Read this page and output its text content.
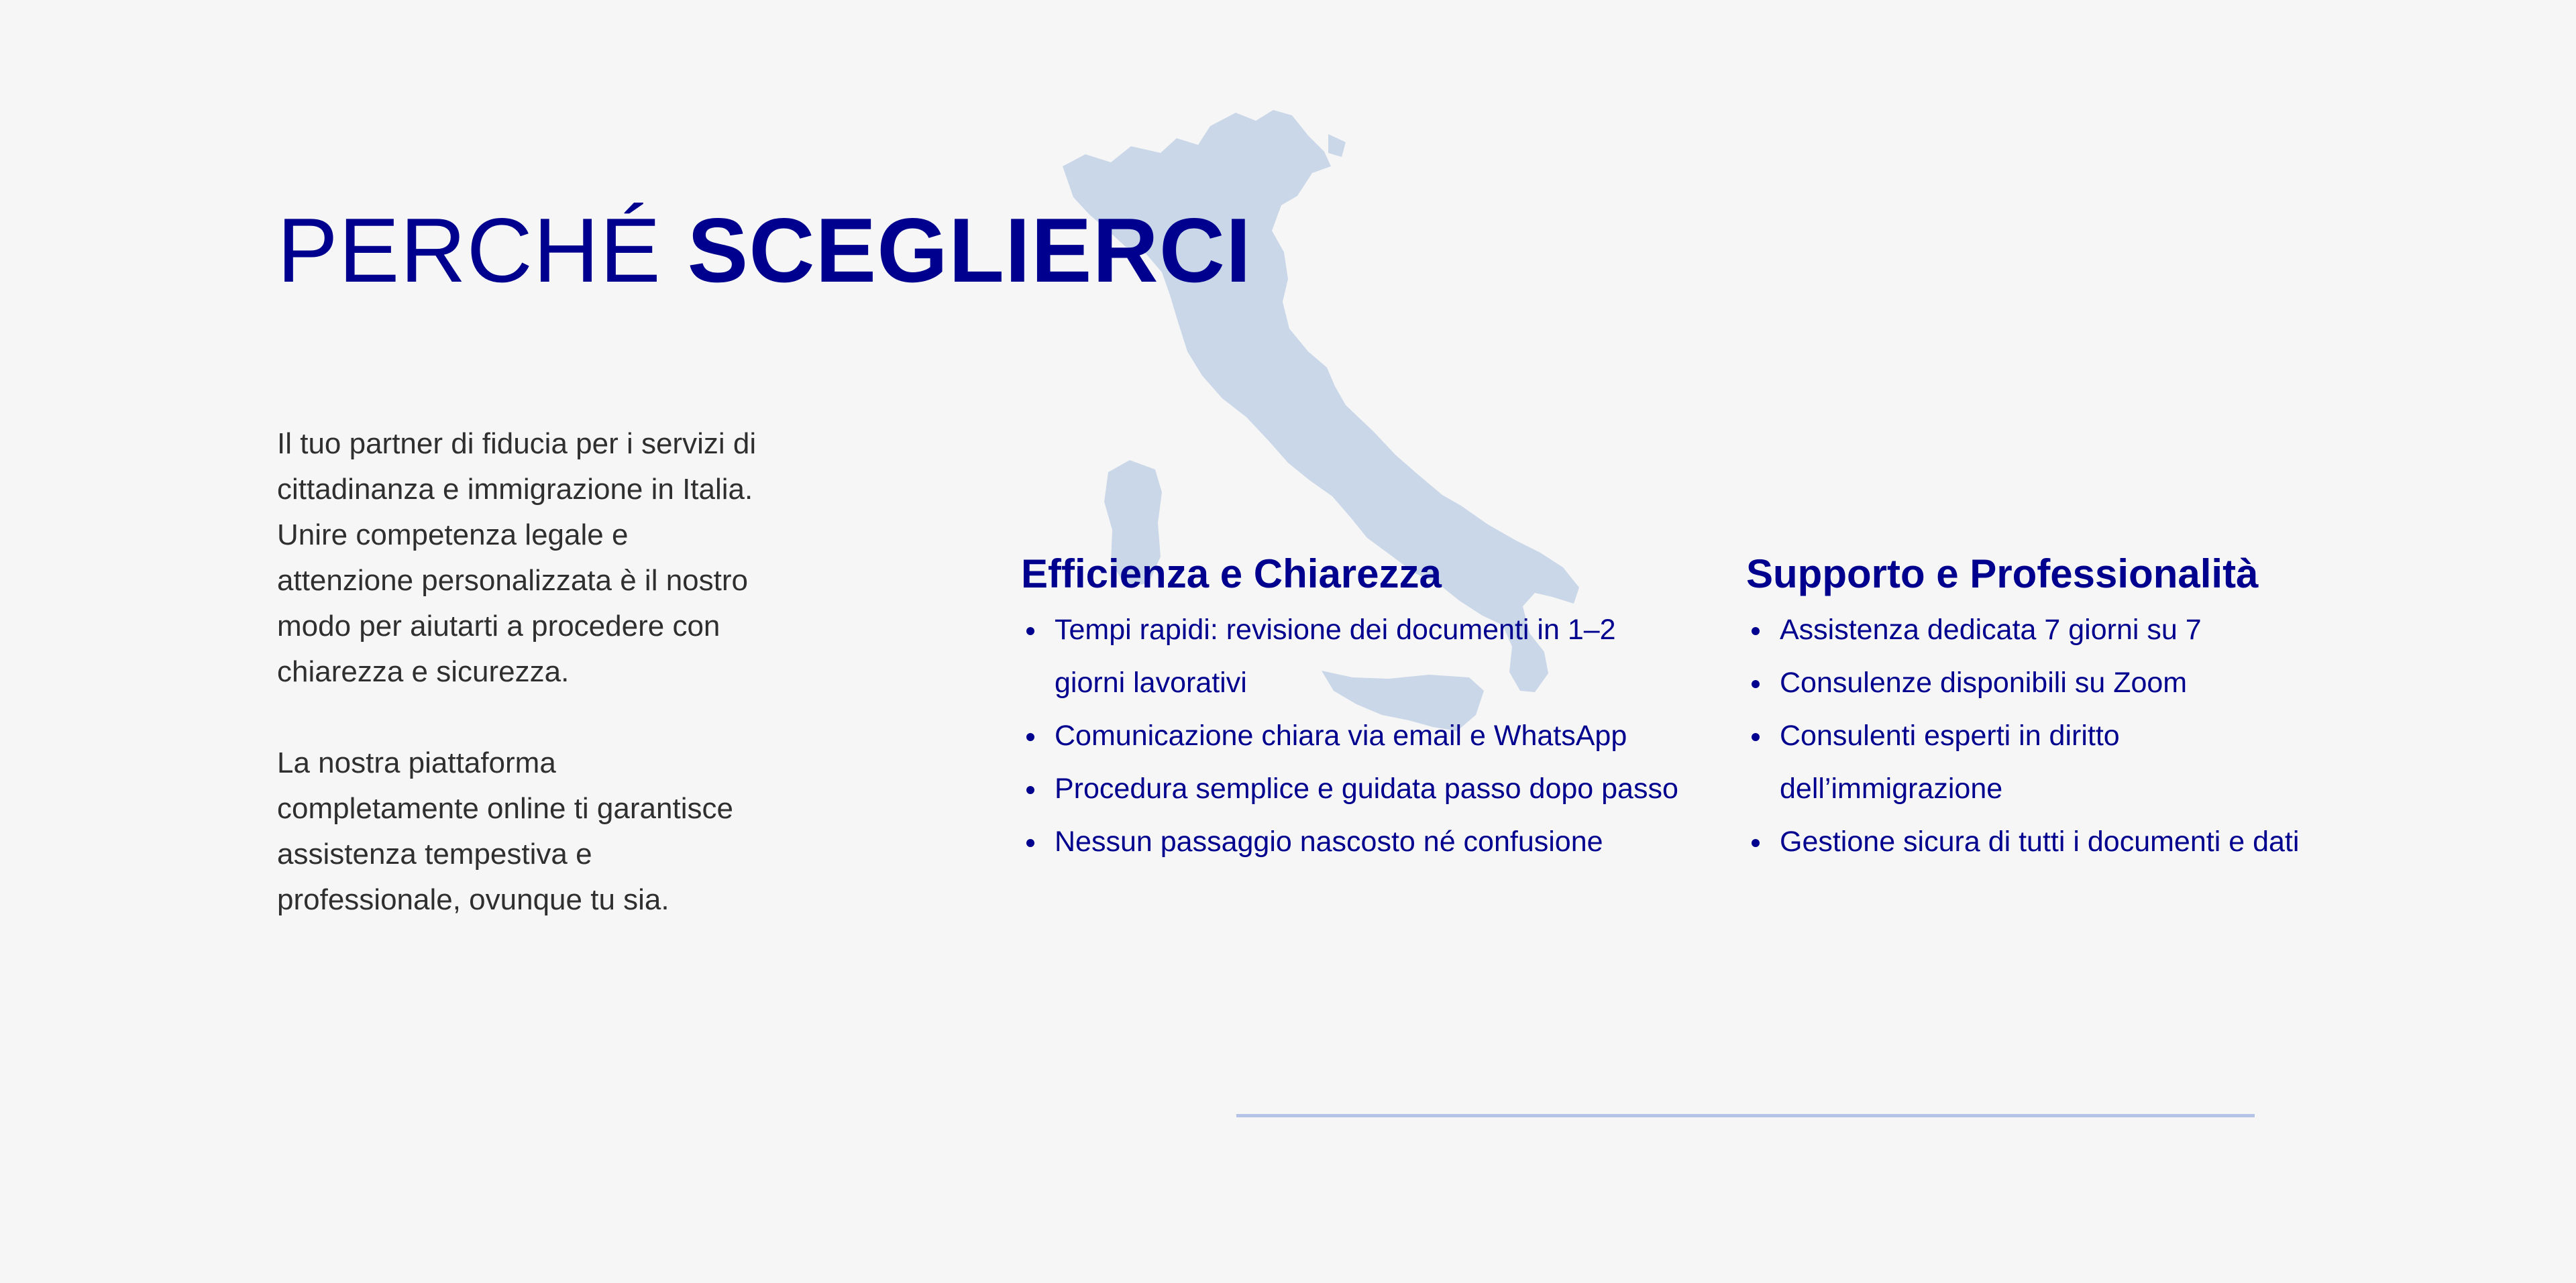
PERCHÉ SCEGLIERCI

Il tuo partner di fiducia per i servizi di
cittadinanza e immigrazione in Italia.
Unire competenza legale e
attenzione personalizzata è il nostro
modo per aiutarti a procedere con
chiarezza e sicurezza.

La nostra piattaforma
completamente online ti garantisce
assistenza tempestiva e
professionale, ovunque tu sia.

Efficienza e Chiarezza
Tempi rapidi: revisione dei documenti in 1–2 giorni lavorativi
Comunicazione chiara via email e WhatsApp
Procedura semplice e guidata passo dopo passo
Nessun passaggio nascosto né confusione
Supporto e Professionalità
Assistenza dedicata 7 giorni su 7
Consulenze disponibili su Zoom
Consulenti esperti in diritto dell’immigrazione
Gestione sicura di tutti i documenti e dati
